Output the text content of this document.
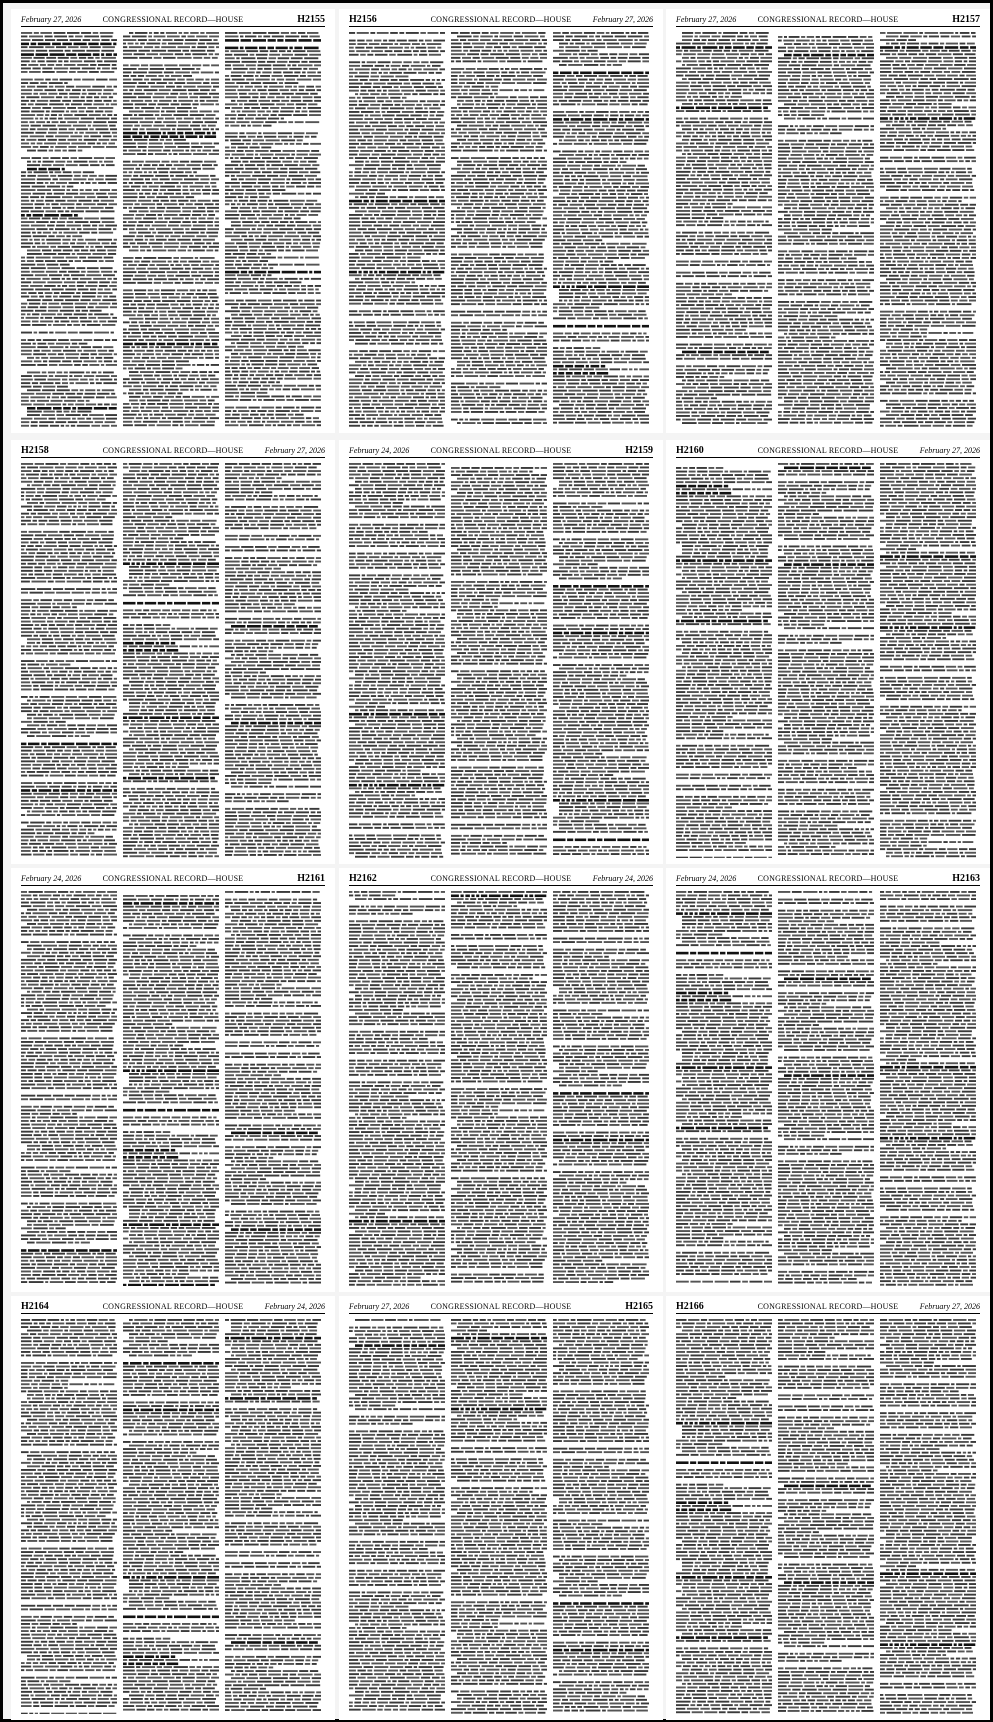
February 27, 2026	CONGRESSIONAL RECORD—HOUSE	H2155 H2156	CONGRESSIONAL RECORD—HOUSE	February 27, 2026	February 27, 2026	CONGRESSIONAL RECORD—HOUSE	H2157
H2158	CONGRESSIONAL RECORD—HOUSE	February 27, 2026	February 24, 2026	CONGRESSIONAL RECORD—HOUSE	H2159 H2160	CONGRESSIONAL RECORD—HOUSE	February 27, 2026
February 24, 2026	CONGRESSIONAL RECORD—HOUSE	H2161 H2162	CONGRESSIONAL RECORD—HOUSE	February 24, 2026	February 24, 2026	CONGRESSIONAL RECORD—HOUSE	H2163
H2164	CONGRESSIONAL RECORD—HOUSE	February 24, 2026	February 27, 2026	CONGRESSIONAL RECORD—HOUSE	H2165 H2166	CONGRESSIONAL RECORD—HOUSE	February 27, 2026
